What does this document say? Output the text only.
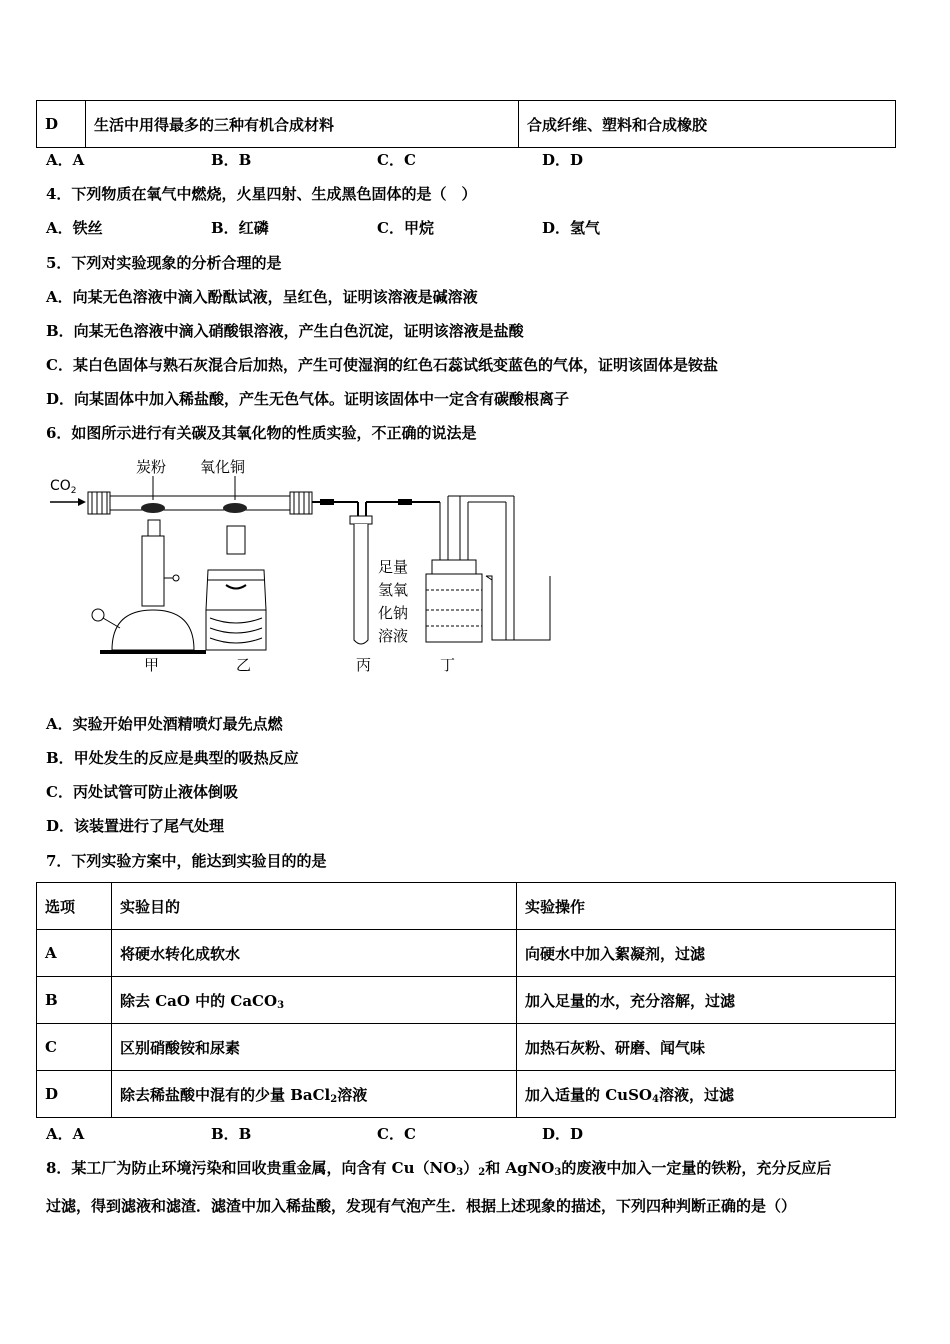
D	生活中用得最多的三种有机合成材料	合成纤维、塑料和合成橡胶
A．A	B．B	C．C	D．D
4．下列物质在氧气中燃烧，火星四射、生成黑色固体的是（　）
A．铁丝	B．红磷	C．甲烷	D．氢气
5．下列对实验现象的分析合理的是
A．向某无色溶液中滴入酚酞试液，呈红色，证明该溶液是碱溶液
B．向某无色溶液中滴入硝酸银溶液，产生白色沉淀，证明该溶液是盐酸
C．某白色固体与熟石灰混合后加热，产生可使湿润的红色石蕊试纸变蓝色的气体，证明该固体是铵盐
D．向某固体中加入稀盐酸，产生无色气体。证明该固体中一定含有碳酸根离子
6．如图所示进行有关碳及其氧化物的性质实验，不正确的说法是
$CO_2$
炭粉 氧化铜
足量
氢氧
化钠
溶液
甲	乙	丙	丁
A．实验开始甲处酒精喷灯最先点燃
B．甲处发生的反应是典型的吸热反应
C．丙处试管可防止液体倒吸
D．该装置进行了尾气处理
7．下列实验方案中，能达到实验目的的是
选项	实验目的	实验操作
A	将硬水转化成软水	向硬水中加入絮凝剂，过滤
B	除去 CaO 中的 CaCO$_3$	加入足量的水，充分溶解，过滤
C	区别硝酸铵和尿素	加热石灰粉、研磨、闻气味
D	除去稀盐酸中混有的少量 BaCl$_2$溶液	加入适量的 CuSO$_4$溶液，过滤
A．A	B．B	C．C	D．D
8．某工厂为防止环境污染和回收贵重金属，向含有 $Cu(NO_3)_2$和 AgNO$_3$的废液中加入一定量的铁粉，充分反应后
过滤，得到滤液和滤渣．滤渣中加入稀盐酸，发现有气泡产生．根据上述现象的描述，下列四种判断正确的是（）
